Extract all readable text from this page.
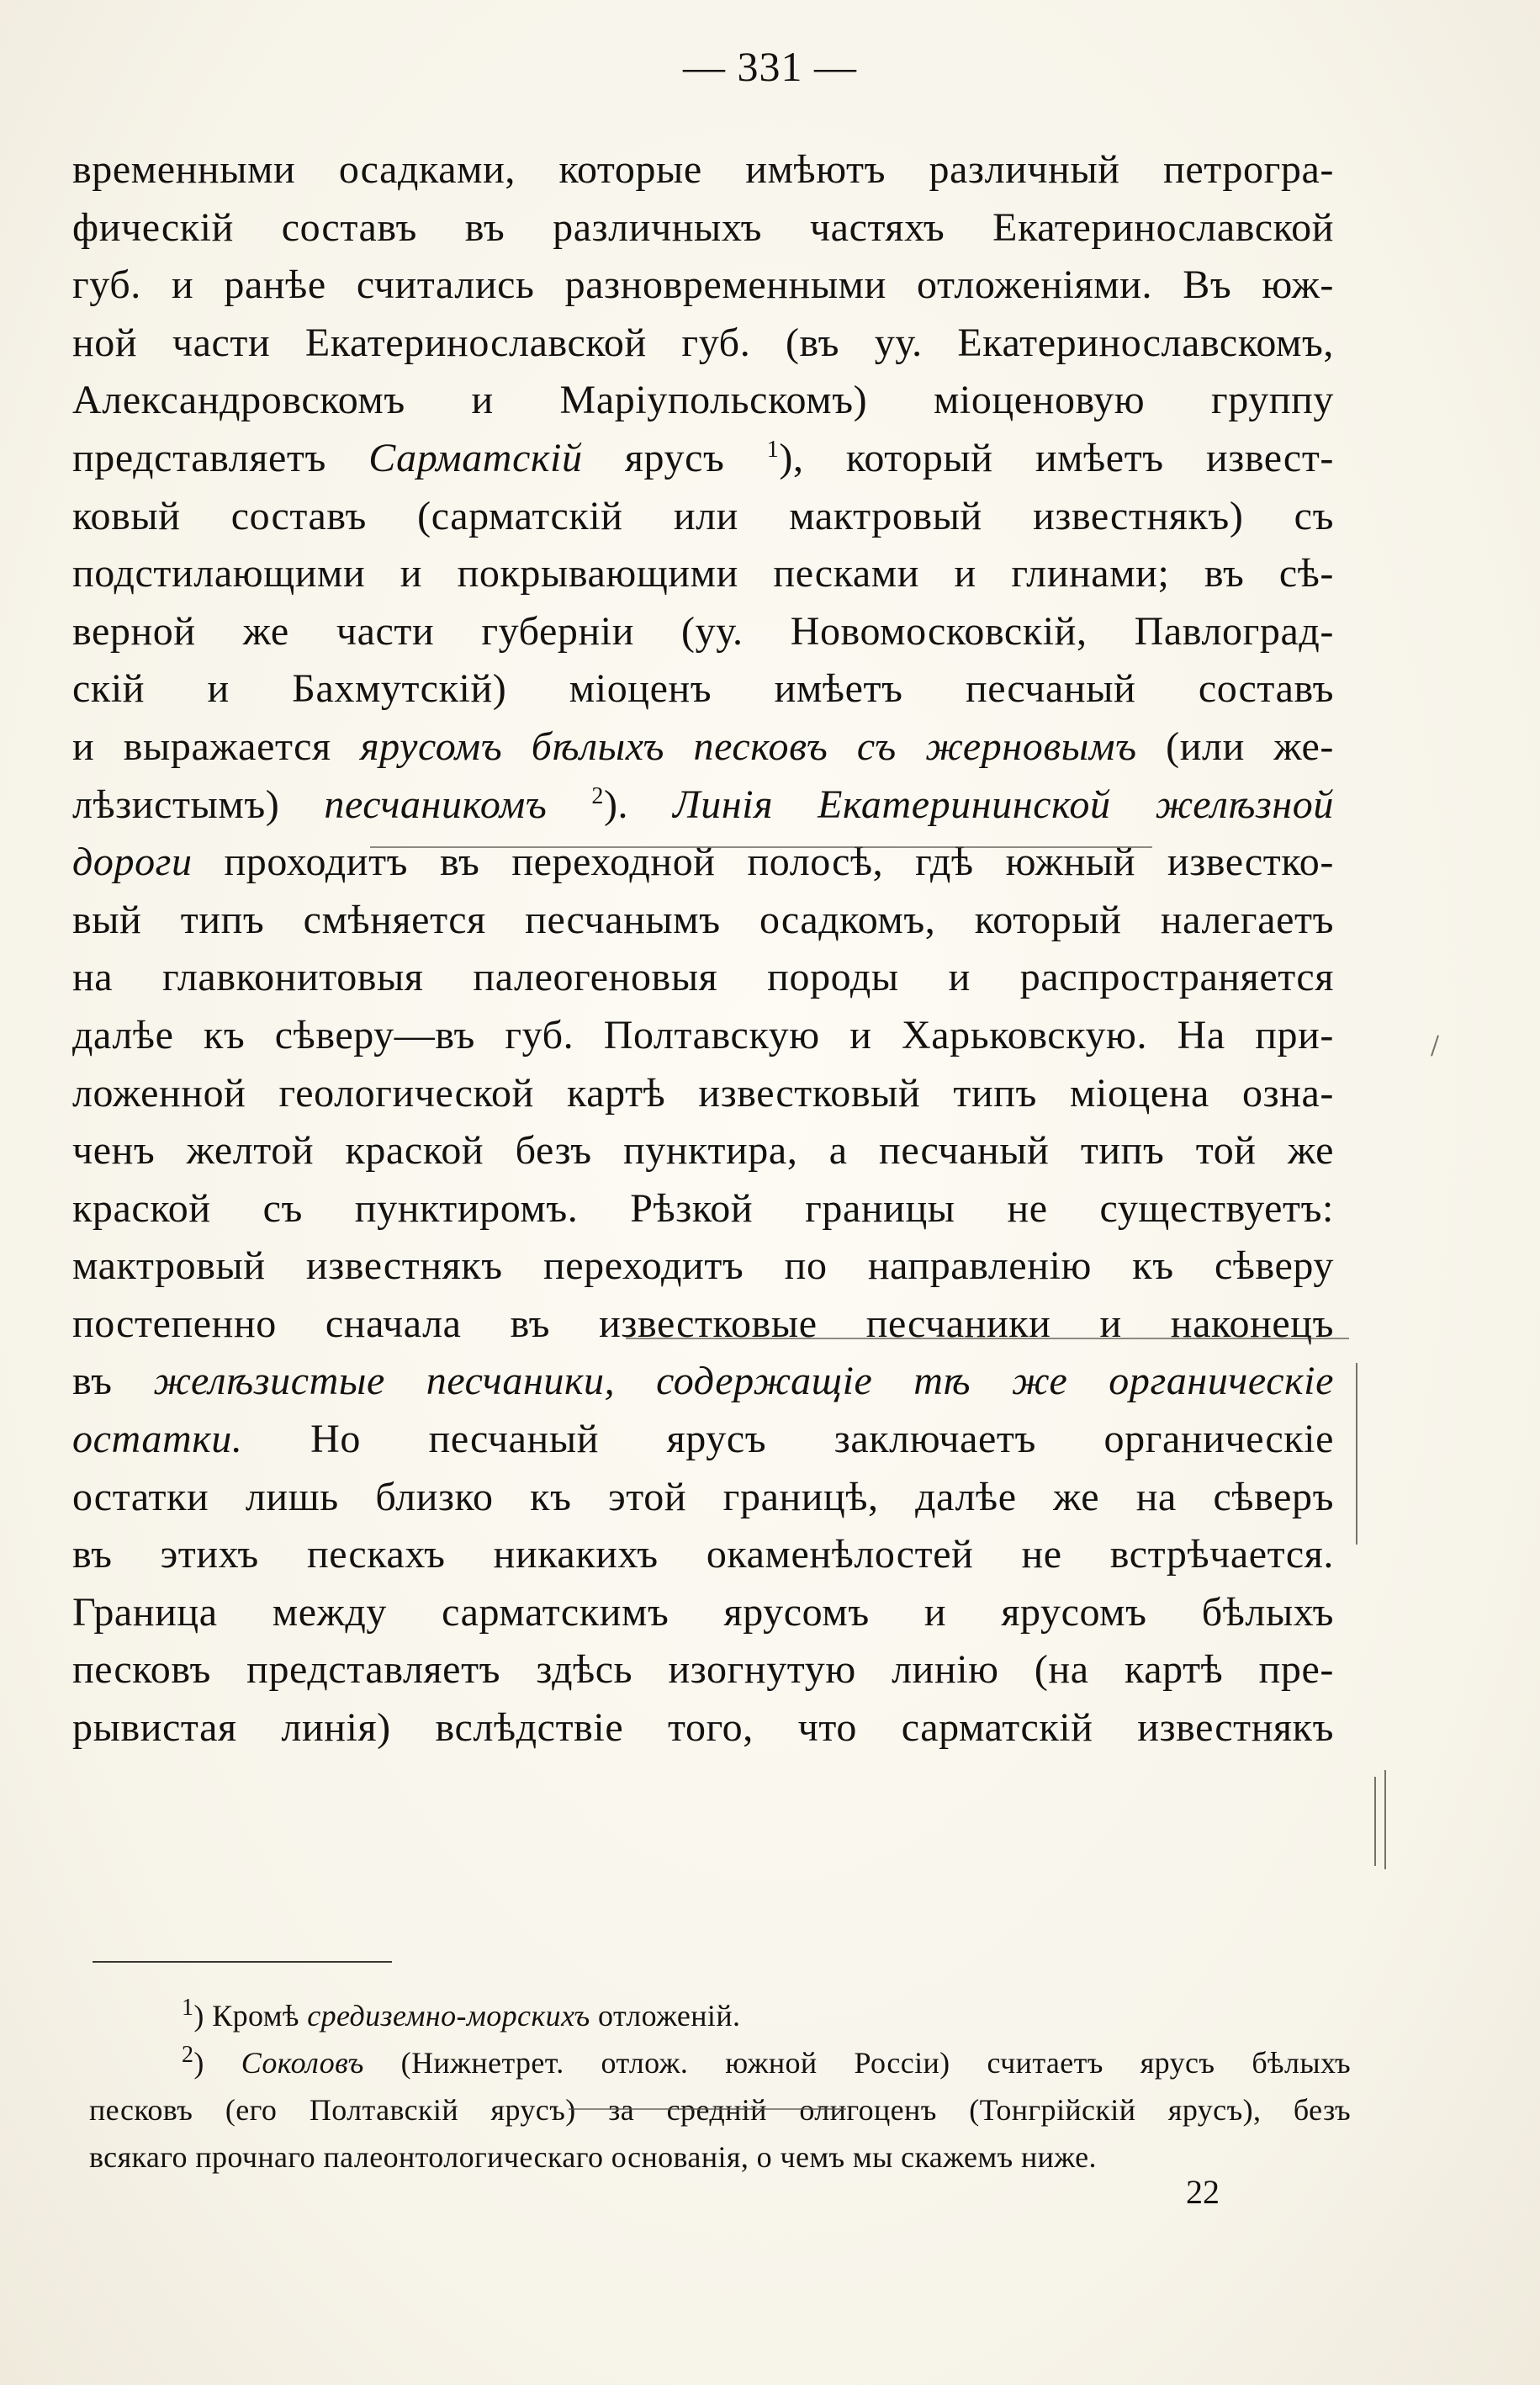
— 331 —
временными осадками, которые имѣютъ различный петрогра-
фическій составъ въ различныхъ частяхъ Екатеринославской
губ. и ранѣе считались разновременными отложеніями. Въ юж-
ной части Екатеринославской губ. (въ уу. Екатеринославскомъ,
Александровскомъ и Маріупольскомъ) міоценовую группу
представляетъ Сарматскій ярусъ $^1$), который имѣетъ извест-
ковый составъ (сарматскій или мактровый известнякъ) съ
подстилающими и покрывающими песками и глинами; въ сѣ-
верной же части губерніи (уу. Новомосковскій, Павлоград-
скій и Бахмутскій) міоценъ имѣетъ песчаный составъ
и выражается ярусомъ бѣлыхъ песковъ съ жерновымъ (или же-
лѣзистымъ) песчаникомъ $^2$). Линія Екатерининской желѣзной
дороги проходитъ въ переходной полосѣ, гдѣ южный известко-
вый типъ смѣняется песчанымъ осадкомъ, который налегаетъ
на главконитовыя палеогеновыя породы и распространяется
далѣе къ сѣверу—въ губ. Полтавскую и Харьковскую. На при-
ложенной геологической картѣ известковый типъ міоцена озна-
ченъ желтой краской безъ пунктира, а песчаный типъ той же
краской съ пунктиромъ. Рѣзкой границы не существуетъ:
мактровый известнякъ переходитъ по направленію къ сѣверу
постепенно сначала въ известковые песчаники и наконецъ
въ желѣзистые песчаники, содержащіе тѣ же органическіе
остатки. Но песчаный ярусъ заключаетъ органическіе
остатки лишь близко къ этой границѣ, далѣе же на сѣверъ
въ этихъ пескахъ никакихъ окаменѣлостей не встрѣчается.
Граница между сарматскимъ ярусомъ и ярусомъ бѣлыхъ
песковъ представляетъ здѣсь изогнутую линію (на картѣ пре-
рывистая линія) вслѣдствіе того, что сарматскій известнякъ
$^1$) Кромѣ средиземно-морскихъ отложеній.
$^2$) Соколовъ (Нижнетрет. отлож. южной Россіи) считаетъ ярусъ бѣлыхъ
песковъ (его Полтавскій ярусъ) за средній олигоценъ (Тонгрійскій ярусъ), безъ
всякаго прочнаго палеонтологическаго основанія, о чемъ мы скажемъ ниже.
22
